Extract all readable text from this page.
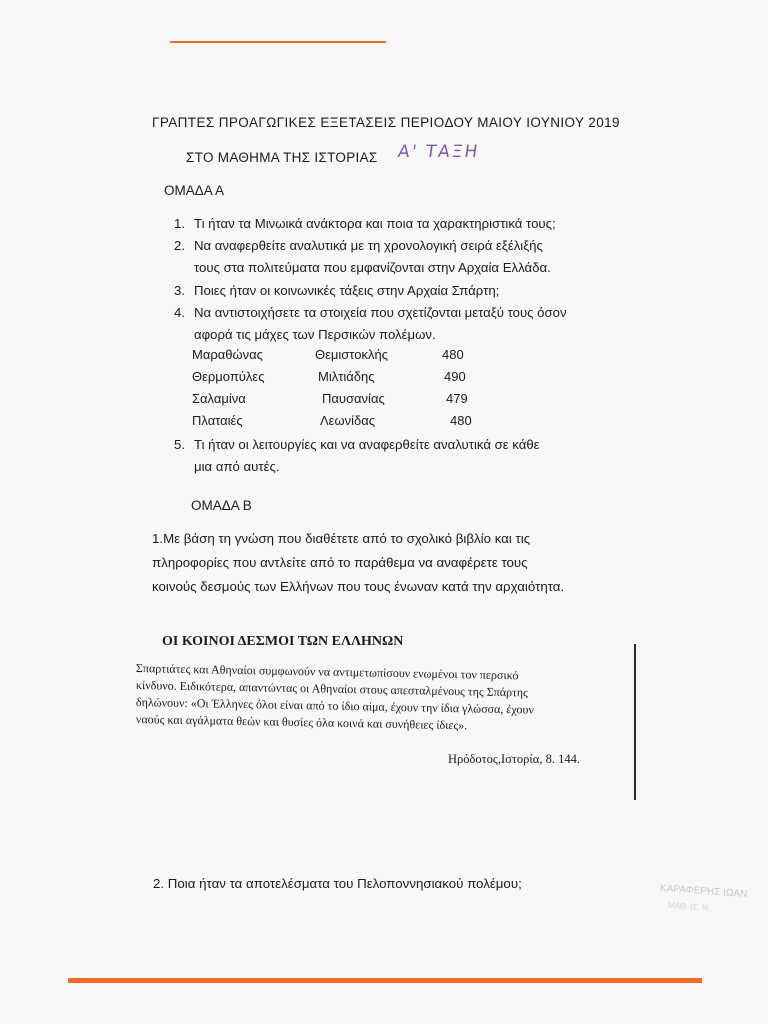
ΓΡΑΠΤΕΣ ΠΡΟΑΓΩΓΙΚΕΣ ΕΞΕΤΑΣΕΙΣ ΠΕΡΙΟΔΟΥ ΜΑΙΟΥ ΙΟΥΝΙΟΥ 2019
ΣΤΟ ΜΑΘΗΜΑ ΤΗΣ ΙΣΤΟΡΙΑΣ Α' ΤΑΞΗ
ΟΜΑΔΑ Α
1. Τι ήταν τα Μινωικά ανάκτορα και ποια τα χαρακτηριστικά τους;
2. Να αναφερθείτε αναλυτικά με τη χρονολογική σειρά εξέλιξής
τους στα πολιτεύματα που εμφανίζονται στην Αρχαία Ελλάδα.
3. Ποιες ήταν οι κοινωνικές τάξεις στην Αρχαία Σπάρτη;
4. Να αντιστοιχήσετε τα στοιχεία που σχετίζονται μεταξύ τους όσον
αφορά τις μάχες των Περσικών πολέμων.
Μαραθώνας
Θερμοπύλες
Σαλαμίνα
Πλαταιές
Θεμιστοκλής
Μιλτιάδης
Παυσανίας
Λεωνίδας
480
490
479
480
5. Τι ήταν οι λειτουργίες και να αναφερθείτε αναλυτικά σε κάθε
μια από αυτές.
ΟΜΑΔΑ Β
1.Με βάση τη γνώση που διαθέτετε από το σχολικό βιβλίο και τις
πληροφορίες που αντλείτε από το παράθεμα να αναφέρετε τους
κοινούς δεσμούς των Ελλήνων που τους ένωναν κατά την αρχαιότητα.
ΟΙ ΚΟΙΝΟΙ ΔΕΣΜΟΙ ΤΩΝ ΕΛΛΗΝΩΝ
Σπαρτιάτες και Αθηναίοι συμφωνούν να αντιμετωπίσουν ενωμένοι τον περσικό
κίνδυνο. Ειδικότερα, απαντώντας οι Αθηναίοι στους απεσταλμένους της Σπάρτης
δηλώνουν: «Οι Έλληνες όλοι είναι από το ίδιο αίμα, έχουν την ίδια γλώσσα, έχουν
ναούς και αγάλματα θεών και θυσίες όλα κοινά και συνήθειες ίδιες».
Ηρόδοτος,Ιστορία, 8. 144.
2. Ποια ήταν τα αποτελέσματα του Πελοποννησιακού πολέμου;	ΚΑΡΑΦΕΡΗΣ ΙΩΑΝ
ΜΑΘ. ΙΣ. Ν.
